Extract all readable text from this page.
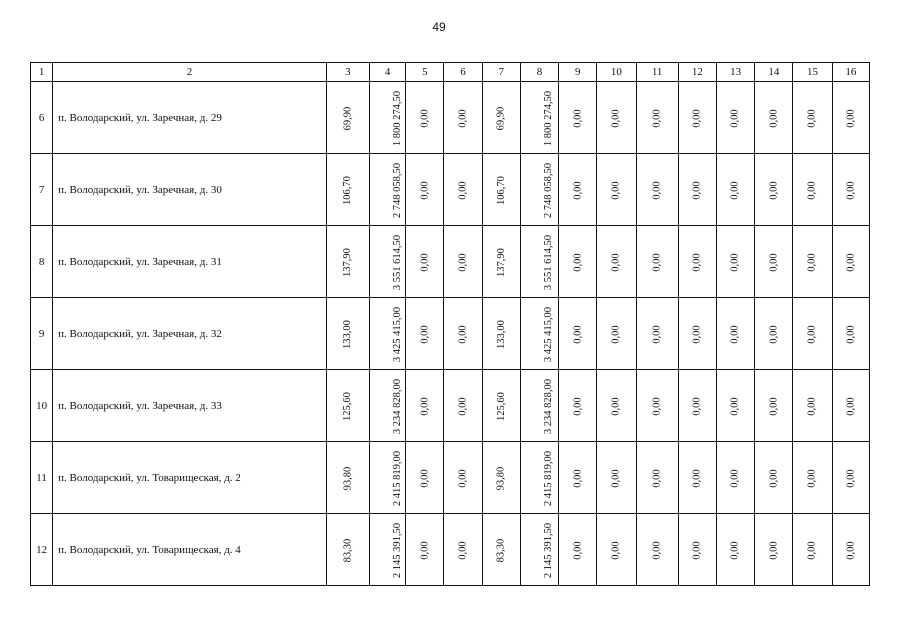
49
1	2	3	4	5	6	7	8	9	10	11	12	13	14	15	16
6	п. Володарский, ул. Заречная, д. 29	69,90	1 800 274,50	0,00	0,00	69,90	1 800 274,50	0,00	0,00	0,00	0,00	0,00	0,00	0,00	0,00
7	п. Володарский, ул. Заречная, д. 30	106,70	2 748 058,50	0,00	0,00	106,70	2 748 058,50	0,00	0,00	0,00	0,00	0,00	0,00	0,00	0,00
8	п. Володарский, ул. Заречная, д. 31	137,90	3 551 614,50	0,00	0,00	137,90	3 551 614,50	0,00	0,00	0,00	0,00	0,00	0,00	0,00	0,00
9	п. Володарский, ул. Заречная, д. 32	133,00	3 425 415,00	0,00	0,00	133,00	3 425 415,00	0,00	0,00	0,00	0,00	0,00	0,00	0,00	0,00
10	п. Володарский, ул. Заречная, д. 33	125,60	3 234 828,00	0,00	0,00	125,60	3 234 828,00	0,00	0,00	0,00	0,00	0,00	0,00	0,00	0,00
11	п. Володарский, ул. Товарищеская, д. 2	93,80	2 415 819,00	0,00	0,00	93,80	2 415 819,00	0,00	0,00	0,00	0,00	0,00	0,00	0,00	0,00
12	п. Володарский, ул. Товарищеская, д. 4	83,30	2 145 391,50	0,00	0,00	83,30	2 145 391,50	0,00	0,00	0,00	0,00	0,00	0,00	0,00	0,00
